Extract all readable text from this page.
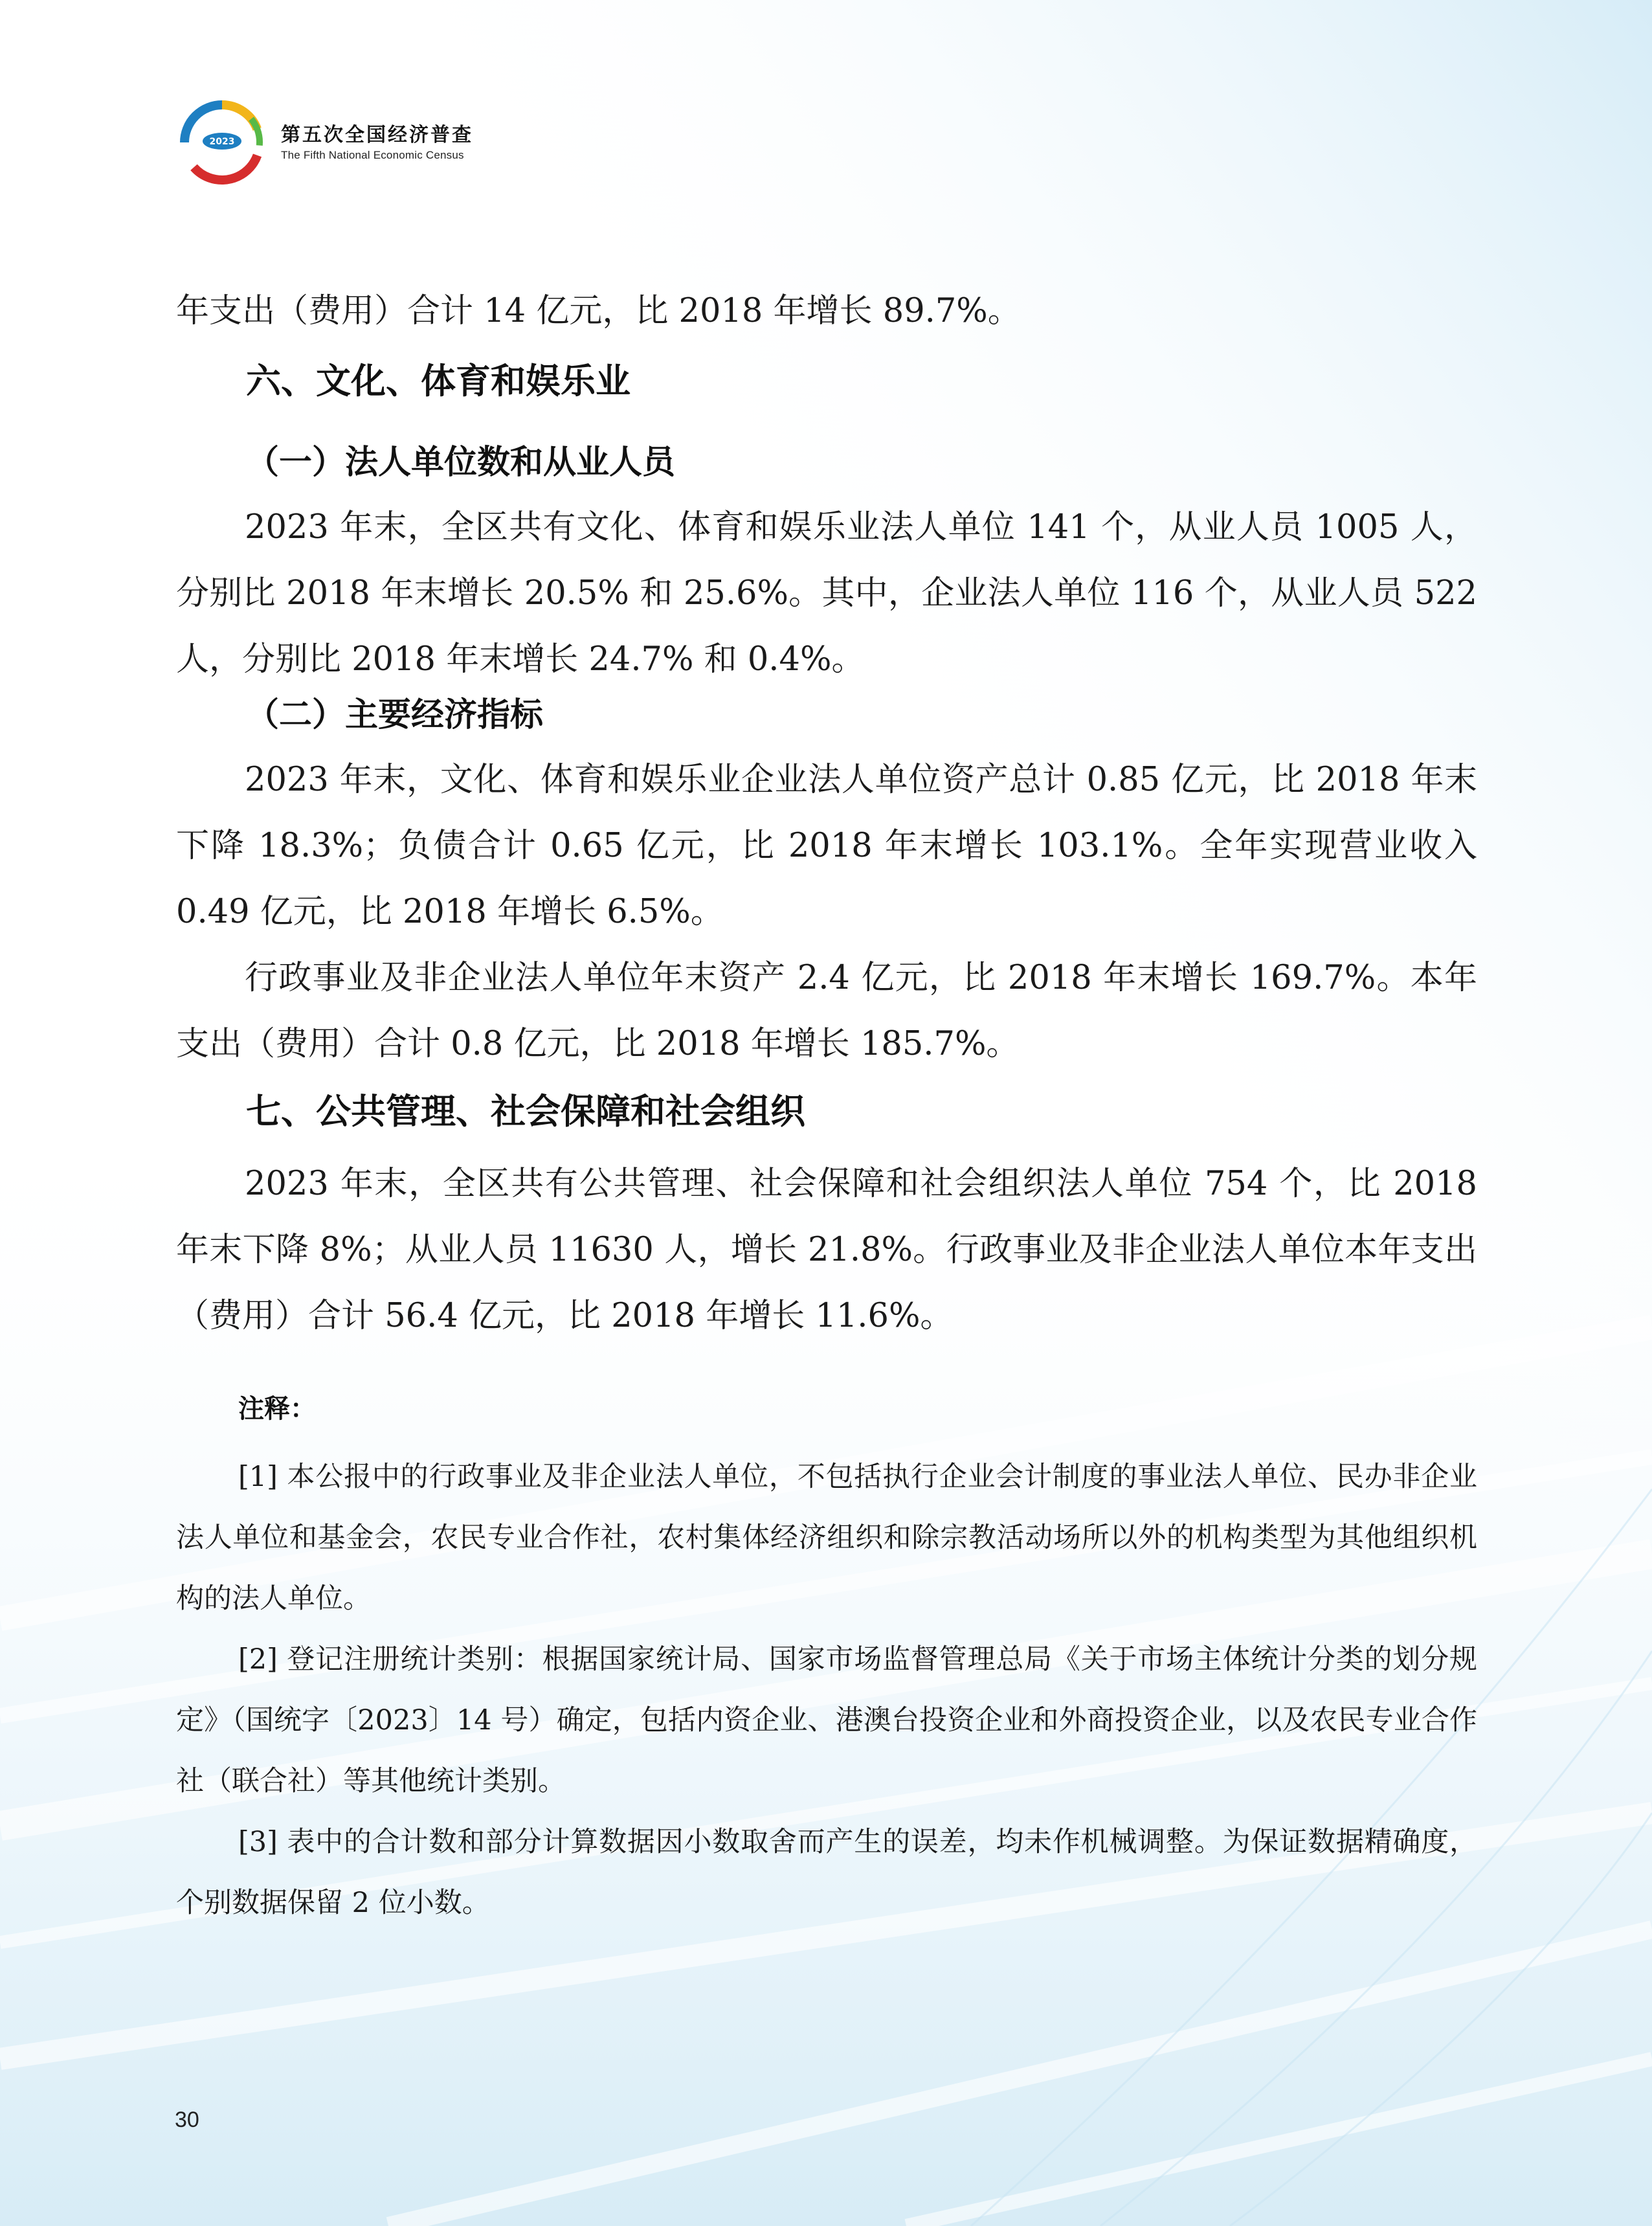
2023 第五次全国经济普查
The Fifth National Economic Census

年支出（费用）合计 14 亿元，比 2018 年增长 89.7%。

六、文化、体育和娱乐业
（一）法人单位数和从业人员

2023 年末，全区共有文化、体育和娱乐业法人单位 141 个，从业人员 1005 人，分别比 2018 年末增长 20.5% 和 25.6%。其中，企业法人单位 116 个，从业人员 522 人，分别比 2018 年末增长 24.7% 和 0.4%。

（二）主要经济指标

2023 年末，文化、体育和娱乐业企业法人单位资产总计 0.85 亿元，比 2018 年末下降 18.3%；负债合计 0.65 亿元，比 2018 年末增长 103.1%。全年实现营业收入 0.49 亿元，比 2018 年增长 6.5%。

行政事业及非企业法人单位年末资产 2.4 亿元，比 2018 年末增长 169.7%。本年支出（费用）合计 0.8 亿元，比 2018 年增长 185.7%。

七、公共管理、社会保障和社会组织

2023 年末，全区共有公共管理、社会保障和社会组织法人单位 754 个，比 2018 年末下降 8%；从业人员 11630 人，增长 21.8%。行政事业及非企业法人单位本年支出（费用）合计 56.4 亿元，比 2018 年增长 11.6%。

注释：

[1] 本公报中的行政事业及非企业法人单位，不包括执行企业会计制度的事业法人单位、民办非企业法人单位和基金会，农民专业合作社，农村集体经济组织和除宗教活动场所以外的机构类型为其他组织机构的法人单位。

[2] 登记注册统计类别：根据国家统计局、国家市场监督管理总局《关于市场主体统计分类的划分规定》（国统字〔2023〕14 号）确定，包括内资企业、港澳台投资企业和外商投资企业，以及农民专业合作社（联合社）等其他统计类别。

[3] 表中的合计数和部分计算数据因小数取舍而产生的误差，均未作机械调整。为保证数据精确度，个别数据保留 2 位小数。

30
